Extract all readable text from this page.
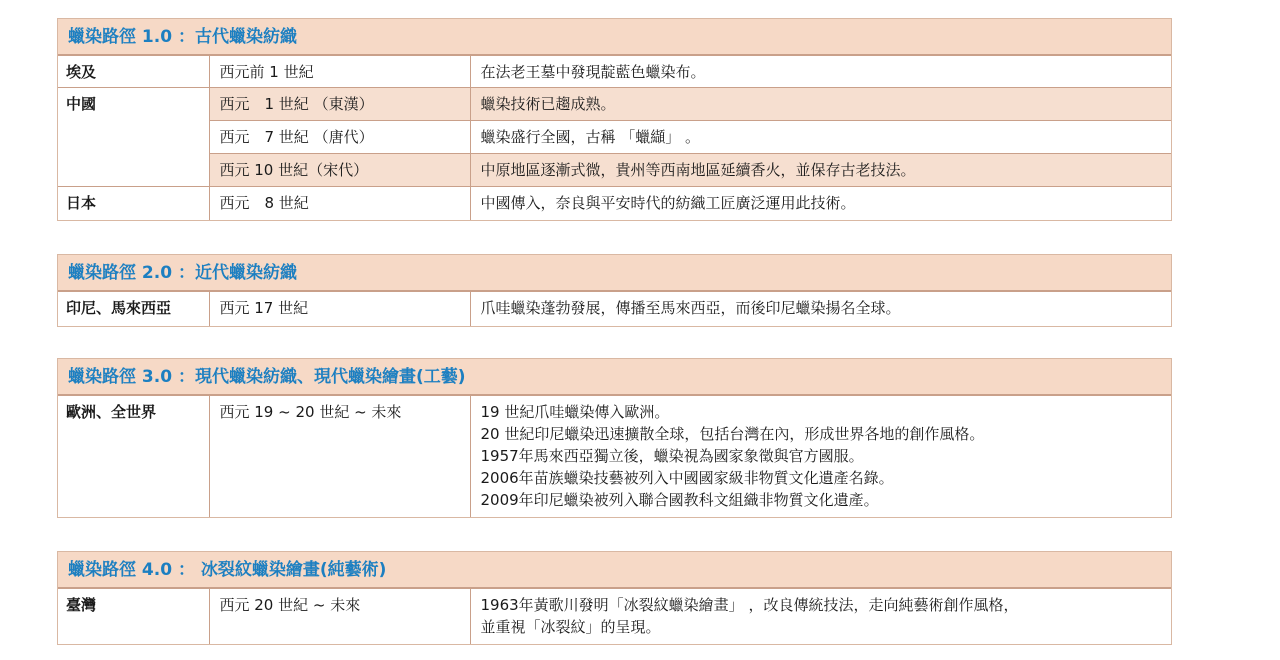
蠟染路徑 1.0 ：古代蠟染紡織
埃及	西元前 1 世紀	在法老王墓中發現靛藍色蠟染布。

中國	西元　1 世紀 （東漢）	蠟染技術已趨成熟。

	西元　7 世紀 （唐代）	蠟染盛行全國，古稱 「蠟纈」 。

	西元 10 世紀（宋代）	中原地區逐漸式微，貴州等西南地區延續香火，並保存古老技法。

日本	西元　8 世紀	中國傳入，奈良與平安時代的紡織工匠廣泛運用此技術。
蠟染路徑 2.0 ：近代蠟染紡織
印尼、馬來西亞	西元 17 世紀	爪哇蠟染蓬勃發展，傳播至馬來西亞，而後印尼蠟染揚名全球。
蠟染路徑 3.0 ：現代蠟染紡織、現代蠟染繪畫(工藝)
歐洲、全世界	西元 19 ~ 20 世紀 ~ 未來	19 世紀爪哇蠟染傳入歐洲。
20 世紀印尼蠟染迅速擴散全球，包括台灣在內，形成世界各地的創作風格。
1957年馬來西亞獨立後，蠟染視為國家象徵與官方國服。
2006年苗族蠟染技藝被列入中國國家級非物質文化遺產名錄。
2009年印尼蠟染被列入聯合國教科文組織非物質文化遺產。
蠟染路徑 4.0 ： 冰裂紋蠟染繪畫(純藝術)
臺灣	西元 20 世紀 ~ 未來	1963年黃歌川發明「冰裂紋蠟染繪畫」 ，改良傳統技法，走向純藝術創作風格，
並重視「冰裂紋」的呈現。
